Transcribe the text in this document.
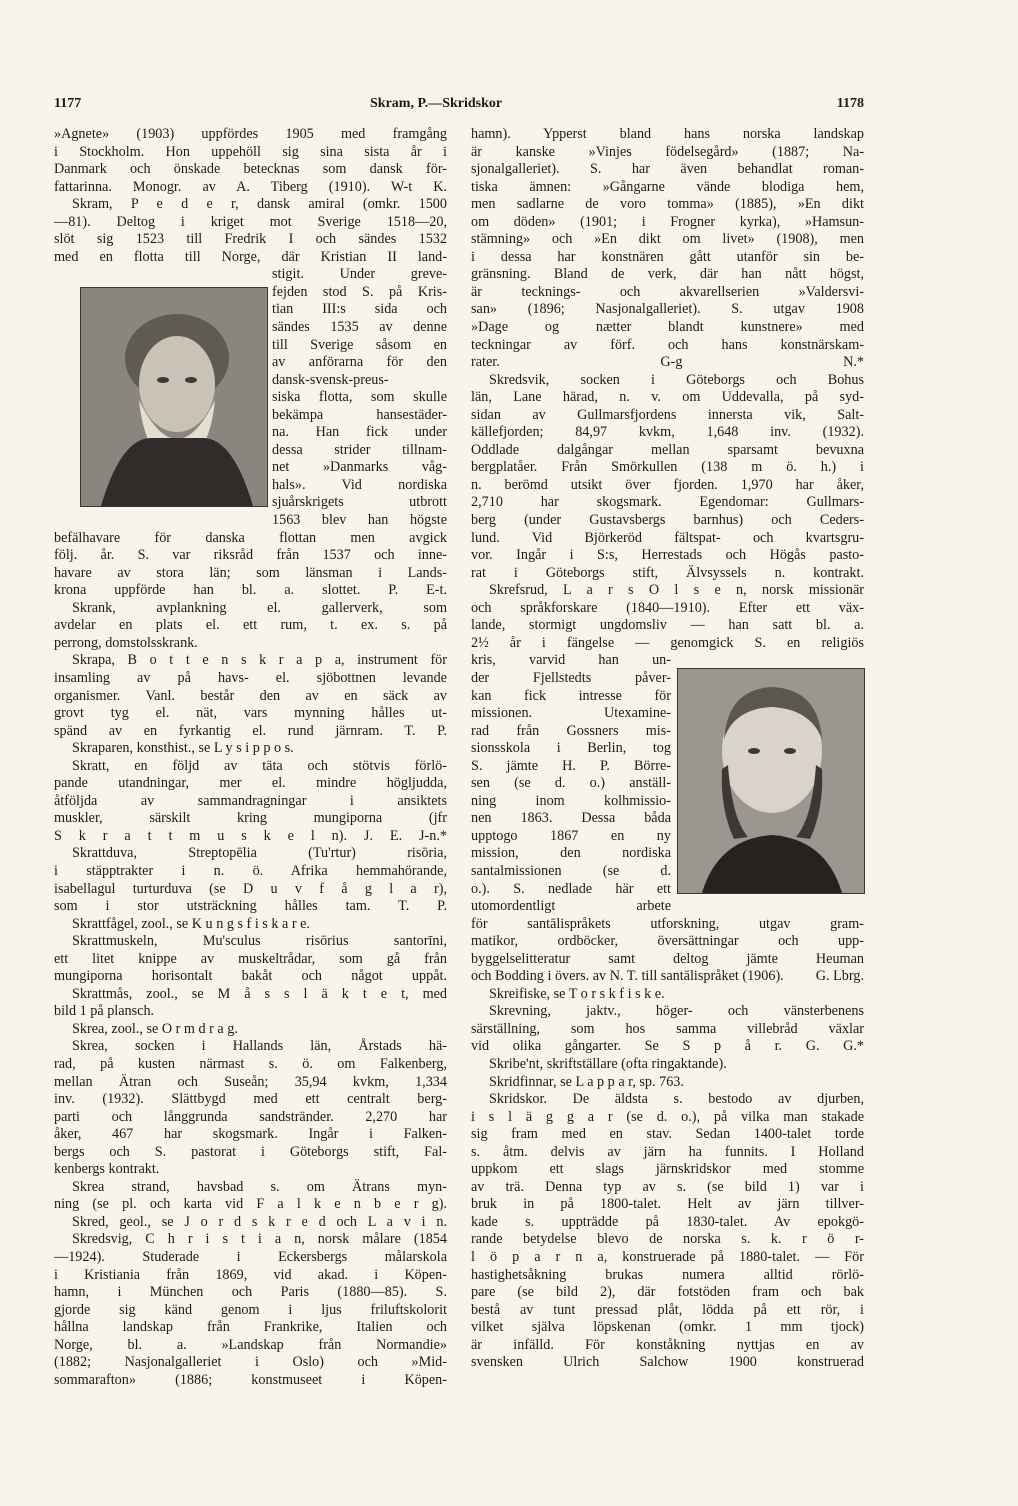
1177	Skram, P.—Skridskor	1178
»Agnete» (1903) uppfördes 1905 med framgång
i Stockholm. Hon uppehöll sig sina sista år i
Danmark och önskade betecknas som dansk för-
fattarinna. Monogr. av A. Tiberg (1910). W-t K.
Skram, P e d e r, dansk amiral (omkr. 1500
—81). Deltog i kriget mot Sverige 1518—20,
slöt sig 1523 till Fredrik I och sändes 1532
med en flotta till Norge, där Kristian II land-
stigit. Under greve-
fejden stod S. på Kris-
tian III:s sida och
sändes 1535 av denne
till Sverige såsom en
av anförarna för den
dansk-svensk-preus-
siska flotta, som skulle
bekämpa hansestäder-
na. Han fick under
dessa strider tillnam-
net »Danmarks våg-
hals». Vid nordiska
sjuårskrigets utbrott
1563 blev han högste
befälhavare för danska flottan men avgick
följ. år. S. var riksråd från 1537 och inne-
havare av stora län; som länsman i Lands-
krona uppförde han bl. a. slottet. P. E-t.
Skrank, avplankning el. gallerverk, som
avdelar en plats el. ett rum, t. ex. s. på
perrong, domstolsskrank.
Skrapa, B o t t e n s k r a p a, instrument för
insamling av på havs- el. sjöbottnen levande
organismer. Vanl. består den av en säck av
grovt tyg el. nät, vars mynning hålles ut-
spänd av en fyrkantig el. rund järnram. T. P.
Skraparen, konsthist., se L y s i p p o s.
Skratt, en följd av täta och stötvis förlö-
pande utandningar, mer el. mindre högljudda,
åtföljda av sammandragningar i ansiktets
muskler, särskilt kring mungiporna (jfr
S k r a t t m u s k e l n). J. E. J-n.*
Skrattduva, Streptopēlia (Tu'rtur) risōria,
i stäpptrakter i n. ö. Afrika hemmahörande,
isabellagul turturduva (se D u v f å g l a r),
som i stor utsträckning hålles tam. T. P.
Skrattfågel, zool., se K u n g s f i s k a r e.
Skrattmuskeln, Mu'sculus risōrius santorīni,
ett litet knippe av muskeltrådar, som gå från
mungiporna horisontalt bakåt och något uppåt.
Skrattmås, zool., se M å s s l ä k t e t, med
bild 1 på plansch.
Skrea, zool., se O r m d r a g.
Skrea, socken i Hallands län, Årstads hä-
rad, på kusten närmast s. ö. om Falkenberg,
mellan Ätran och Suseån; 35,94 kvkm, 1,334
inv. (1932). Slättbygd med ett centralt berg-
parti och långgrunda sandstränder. 2,270 har
åker, 467 har skogsmark. Ingår i Falken-
bergs och S. pastorat i Göteborgs stift, Fal-
kenbergs kontrakt.
Skrea strand, havsbad s. om Ätrans myn-
ning (se pl. och karta vid F a l k e n b e r g).
Skred, geol., se J o r d s k r e d och L a v i n.
Skredsvig, C h r i s t i a n, norsk målare (1854
—1924). Studerade i Eckersbergs målarskola
i Kristiania från 1869, vid akad. i Köpen-
hamn, i München och Paris (1880—85). S.
gjorde sig känd genom i ljus friluftskolorit
hållna landskap från Frankrike, Italien och
Norge, bl. a. »Landskap från Normandie»
(1882; Nasjonalgalleriet i Oslo) och »Mid-
sommarafton» (1886; konstmuseet i Köpen-
hamn). Ypperst bland hans norska landskap
är kanske »Vinjes födelsegård» (1887; Na-
sjonalgalleriet). S. har även behandlat roman-
tiska ämnen: »Gångarne vände blodiga hem,
men sadlarne de voro tomma» (1885), »En dikt
om döden» (1901; i Frogner kyrka), »Hamsun-
stämning» och »En dikt om livet» (1908), men
i dessa har konstnären gått utanför sin be-
gränsning. Bland de verk, där han nått högst,
är tecknings- och akvarellserien »Valdersvi-
san» (1896; Nasjonalgalleriet). S. utgav 1908
»Dage og nætter blandt kunstnere» med
teckningar av förf. och hans konstnärskam-
rater. G-g N.*
Skredsvik, socken i Göteborgs och Bohus
län, Lane härad, n. v. om Uddevalla, på syd-
sidan av Gullmarsfjordens innersta vik, Salt-
källefjorden; 84,97 kvkm, 1,648 inv. (1932).
Oddlade dalgångar mellan sparsamt bevuxna
bergplatåer. Från Smörkullen (138 m ö. h.) i
n. berömd utsikt över fjorden. 1,970 har åker,
2,710 har skogsmark. Egendomar: Gullmars-
berg (under Gustavsbergs barnhus) och Ceders-
lund. Vid Björkeröd fältspat- och kvartsgru-
vor. Ingår i S:s, Herrestads och Högås pasto-
rat i Göteborgs stift, Älvsyssels n. kontrakt.
Skrefsrud, L a r s O l s e n, norsk missionär
och språkforskare (1840—1910). Efter ett väx-
lande, stormigt ungdomsliv — han satt bl. a.
2½ år i fängelse — genomgick S. en religiös
kris, varvid han un-
der Fjellstedts påver-
kan fick intresse för
missionen. Utexamine-
rad från Gossners mis-
sionsskola i Berlin, tog
S. jämte H. P. Börre-
sen (se d. o.) anställ-
ning inom kolhmissio-
nen 1863. Dessa båda
upptogo 1867 en ny
mission, den nordiska
santalmissionen (se d.
o.). S. nedlade här ett
utomordentligt arbete
för santālispråkets utforskning, utgav gram-
matikor, ordböcker, översättningar och upp-
byggelselitteratur samt deltog jämte Heuman
och Bodding i övers. av N. T. till santālispråket (1906). G. Lbrg.
Skreifiske, se T o r s k f i s k e.
Skrevning, jaktv., höger- och vänsterbenens
särställning, som hos samma villebråd växlar
vid olika gångarter. Se S p å r. G. G.*
Skribe'nt, skriftställare (ofta ringaktande).
Skridfinnar, se L a p p a r, sp. 763.
Skridskor. De äldsta s. bestodo av djurben,
i s l ä g g a r (se d. o.), på vilka man stakade
sig fram med en stav. Sedan 1400-talet torde
s. åtm. delvis av järn ha funnits. I Holland
uppkom ett slags järnskridskor med stomme
av trä. Denna typ av s. (se bild 1) var i
bruk in på 1800-talet. Helt av järn tillver-
kade s. uppträdde på 1830-talet. Av epokgö-
rande betydelse blevo de norska s. k. r ö r-
l ö p a r n a, konstruerade på 1880-talet. — För
hastighetsåkning brukas numera alltid rörlö-
pare (se bild 2), där fotstöden fram och bak
bestå av tunt pressad plåt, lödda på ett rör, i
vilket själva löpskenan (omkr. 1 mm tjock)
är infälld. För konståkning nyttjas en av
svensken Ulrich Salchow 1900 konstruerad
